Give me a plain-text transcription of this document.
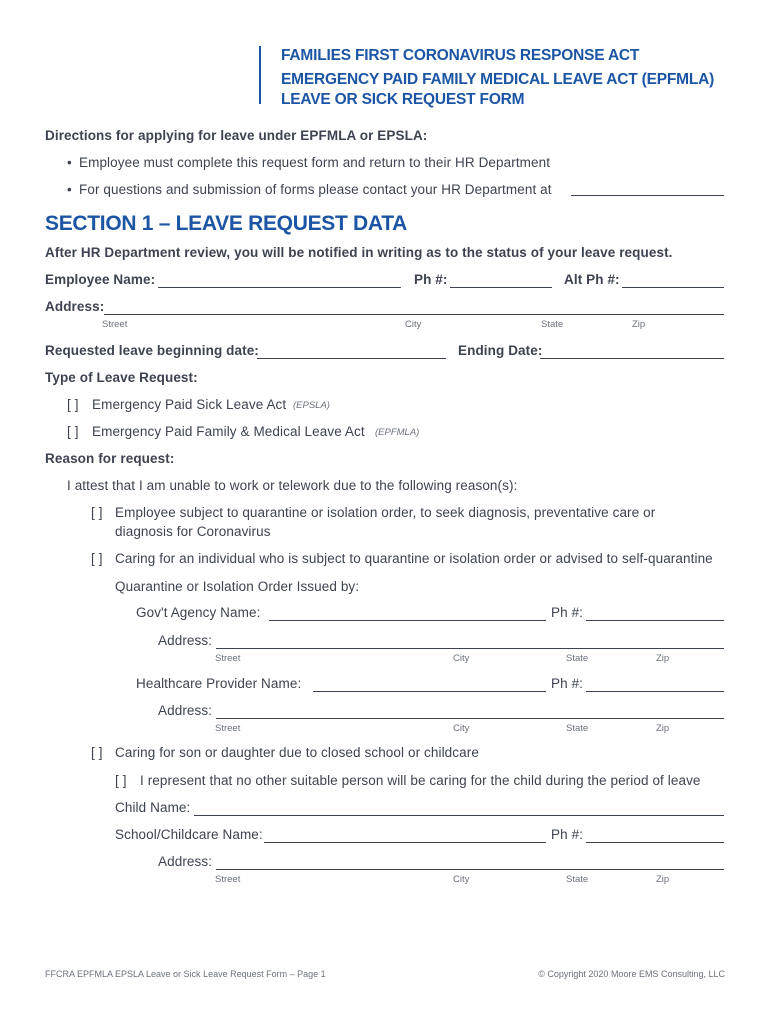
FAMILIES FIRST CORONAVIRUS RESPONSE ACT
EMERGENCY PAID FAMILY MEDICAL LEAVE ACT (EPFMLA)
LEAVE OR SICK REQUEST FORM
Directions for applying for leave under EPFMLA or EPSLA:
• Employee must complete this request form and return to their HR Department
• For questions and submission of forms please contact your HR Department at
SECTION 1 – LEAVE REQUEST DATA
After HR Department review, you will be notified in writing as to the status of your leave request.
Employee Name:	Ph #:	Alt Ph #:
Address:
Street	City	State	Zip
Requested leave beginning date:	Ending Date:
Type of Leave Request:
[ ] Emergency Paid Sick Leave Act (EPSLA)
[ ] Emergency Paid Family & Medical Leave Act (EPFMLA)
Reason for request:
I attest that I am unable to work or telework due to the following reason(s):
[ ] Employee subject to quarantine or isolation order, to seek diagnosis, preventative care or
diagnosis for Coronavirus
[ ] Caring for an individual who is subject to quarantine or isolation order or advised to self-quarantine
Quarantine or Isolation Order Issued by:
Gov't Agency Name:	Ph #:
Address:
Street	City	State	Zip
Healthcare Provider Name:	Ph #:
Address:
Street	City	State	Zip
[ ] Caring for son or daughter due to closed school or childcare
[ ] I represent that no other suitable person will be caring for the child during the period of leave
Child Name:
School/Childcare Name:	Ph #:
Address:
Street	City	State	Zip
FFCRA EPFMLA EPSLA Leave or Sick Leave Request Form – Page 1	© Copyright 2020 Moore EMS Consulting, LLC
